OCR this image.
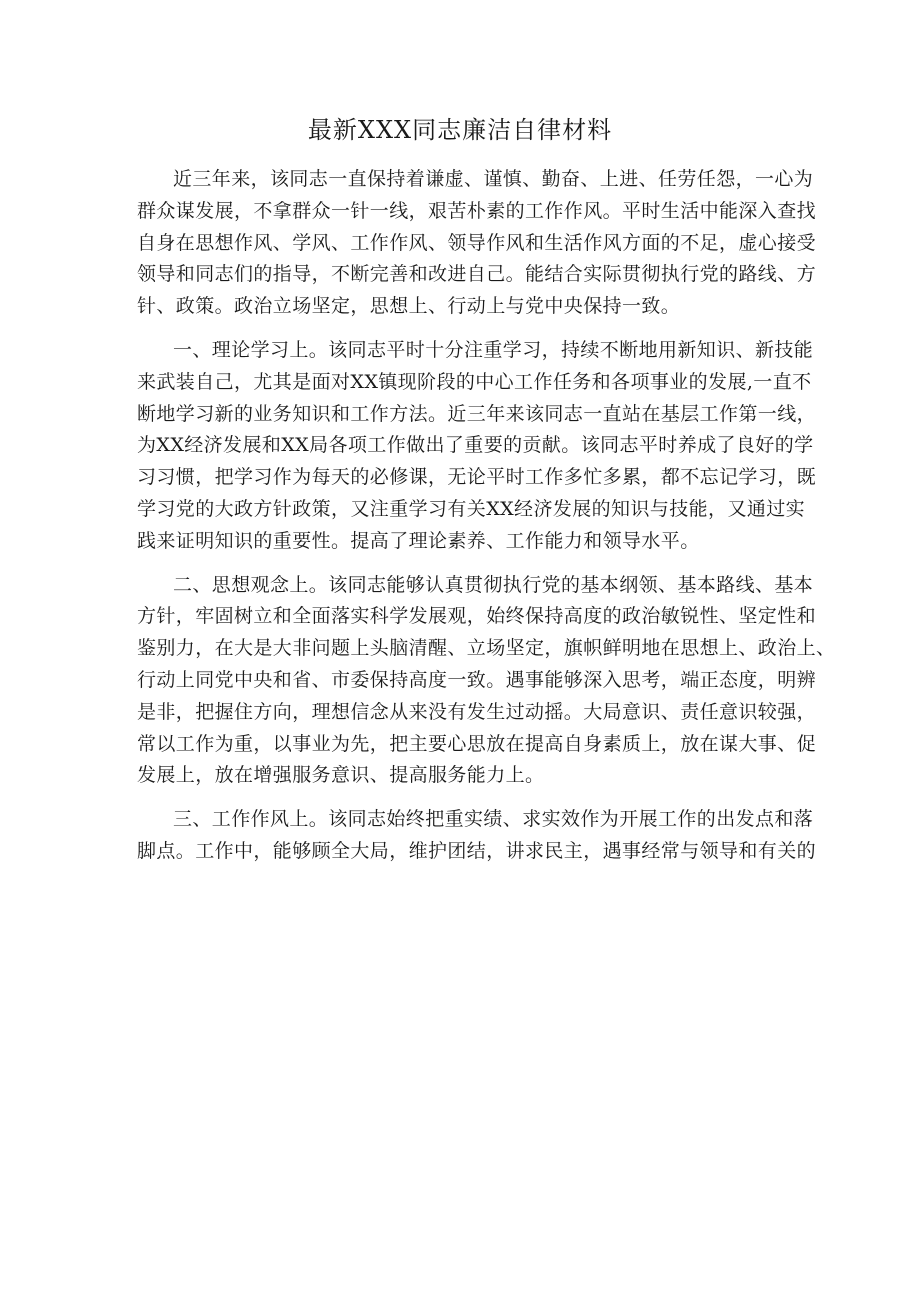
最新XXX同志廉洁自律材料
近三年来，该同志一直保持着谦虚、谨慎、勤奋、上进、任劳任怨，一心为
群众谋发展，不拿群众一针一线，艰苦朴素的工作作风。平时生活中能深入查找
自身在思想作风、学风、工作作风、领导作风和生活作风方面的不足，虚心接受
领导和同志们的指导，不断完善和改进自己。能结合实际贯彻执行党的路线、方
针、政策。政治立场坚定，思想上、行动上与党中央保持一致。
一、理论学习上。该同志平时十分注重学习，持续不断地用新知识、新技能
来武装自己，尤其是面对XX镇现阶段的中心工作任务和各项事业的发展,一直不
断地学习新的业务知识和工作方法。近三年来该同志一直站在基层工作第一线，
为XX经济发展和XX局各项工作做出了重要的贡献。该同志平时养成了良好的学
习习惯，把学习作为每天的必修课，无论平时工作多忙多累，都不忘记学习，既
学习党的大政方针政策，又注重学习有关XX经济发展的知识与技能，又通过实
践来证明知识的重要性。提高了理论素养、工作能力和领导水平。
二、思想观念上。该同志能够认真贯彻执行党的基本纲领、基本路线、基本
方针，牢固树立和全面落实科学发展观，始终保持高度的政治敏锐性、坚定性和
鉴别力，在大是大非问题上头脑清醒、立场坚定，旗帜鲜明地在思想上、政治上、
行动上同党中央和省、市委保持高度一致。遇事能够深入思考，端正态度，明辨
是非，把握住方向，理想信念从来没有发生过动摇。大局意识、责任意识较强，
常以工作为重，以事业为先，把主要心思放在提高自身素质上，放在谋大事、促
发展上，放在增强服务意识、提高服务能力上。
三、工作作风上。该同志始终把重实绩、求实效作为开展工作的出发点和落
脚点。工作中，能够顾全大局，维护团结，讲求民主，遇事经常与领导和有关的
